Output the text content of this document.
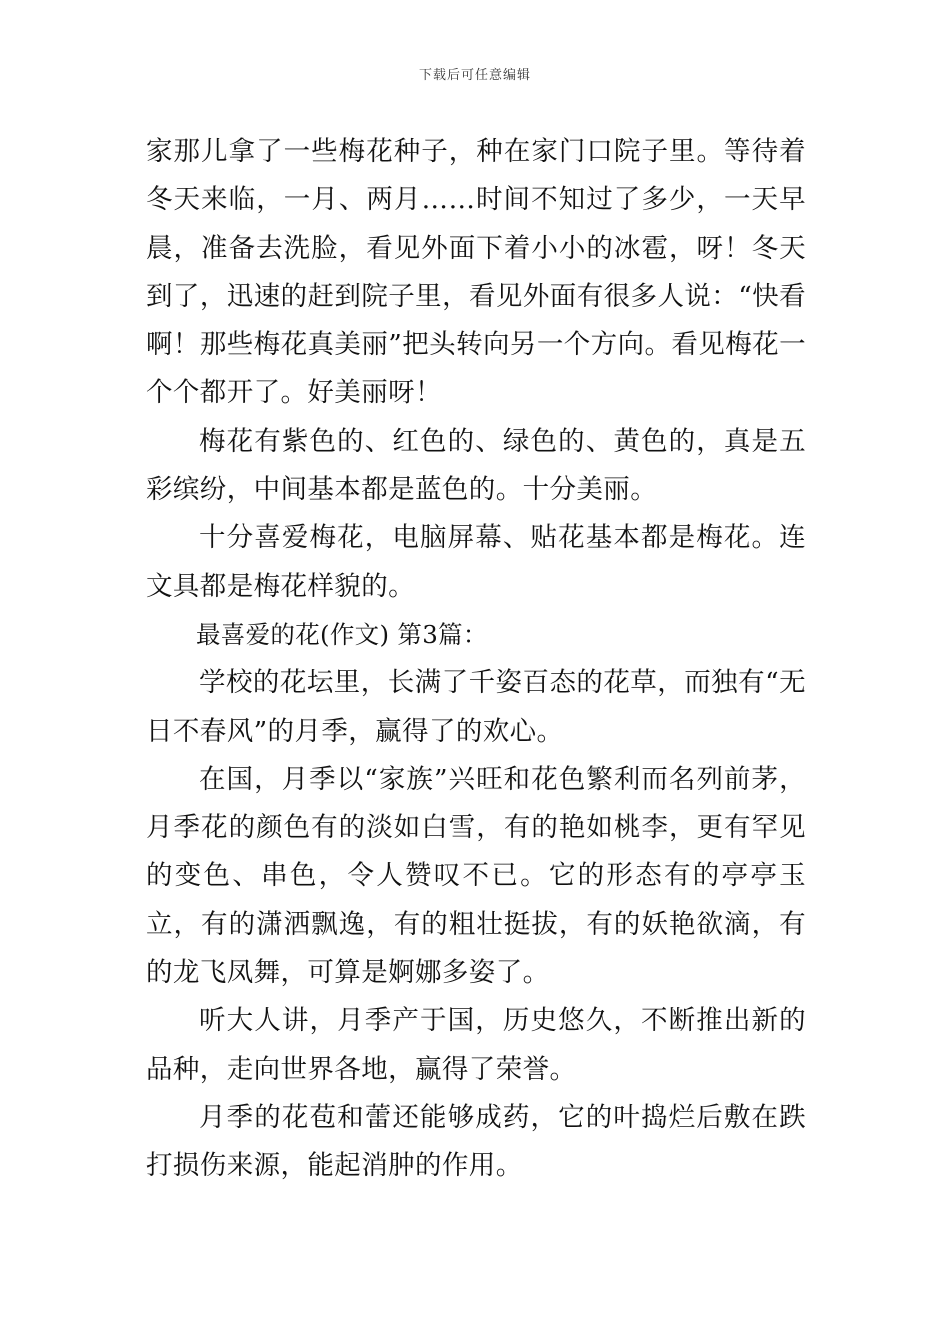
下载后可任意编辑

家那儿拿了一些梅花种子，种在家门口院子里。等待着冬天来临，一月、两月……时间不知过了多少，一天早晨，准备去洗脸，看见外面下着小小的冰雹，呀！冬天到了，迅速的赶到院子里，看见外面有很多人说：“快看啊！那些梅花真美丽”把头转向另一个方向。看见梅花一个个都开了。好美丽呀！

梅花有紫色的、红色的、绿色的、黄色的，真是五彩缤纷，中间基本都是蓝色的。十分美丽。

十分喜爱梅花，电脑屏幕、贴花基本都是梅花。连文具都是梅花样貌的。

最喜爱的花(作文) 第3篇：

学校的花坛里，长满了千姿百态的花草，而独有“无日不春风”的月季，赢得了的欢心。

在国，月季以“家族”兴旺和花色繁利而名列前茅，月季花的颜色有的淡如白雪，有的艳如桃李，更有罕见的变色、串色，令人赞叹不已。它的形态有的亭亭玉立，有的潇洒飘逸，有的粗壮挺拔，有的妖艳欲滴，有的龙飞凤舞，可算是婀娜多姿了。

听大人讲，月季产于国，历史悠久，不断推出新的品种，走向世界各地，赢得了荣誉。

月季的花苞和蕾还能够成药，它的叶捣烂后敷在跌打损伤来源，能起消肿的作用。
